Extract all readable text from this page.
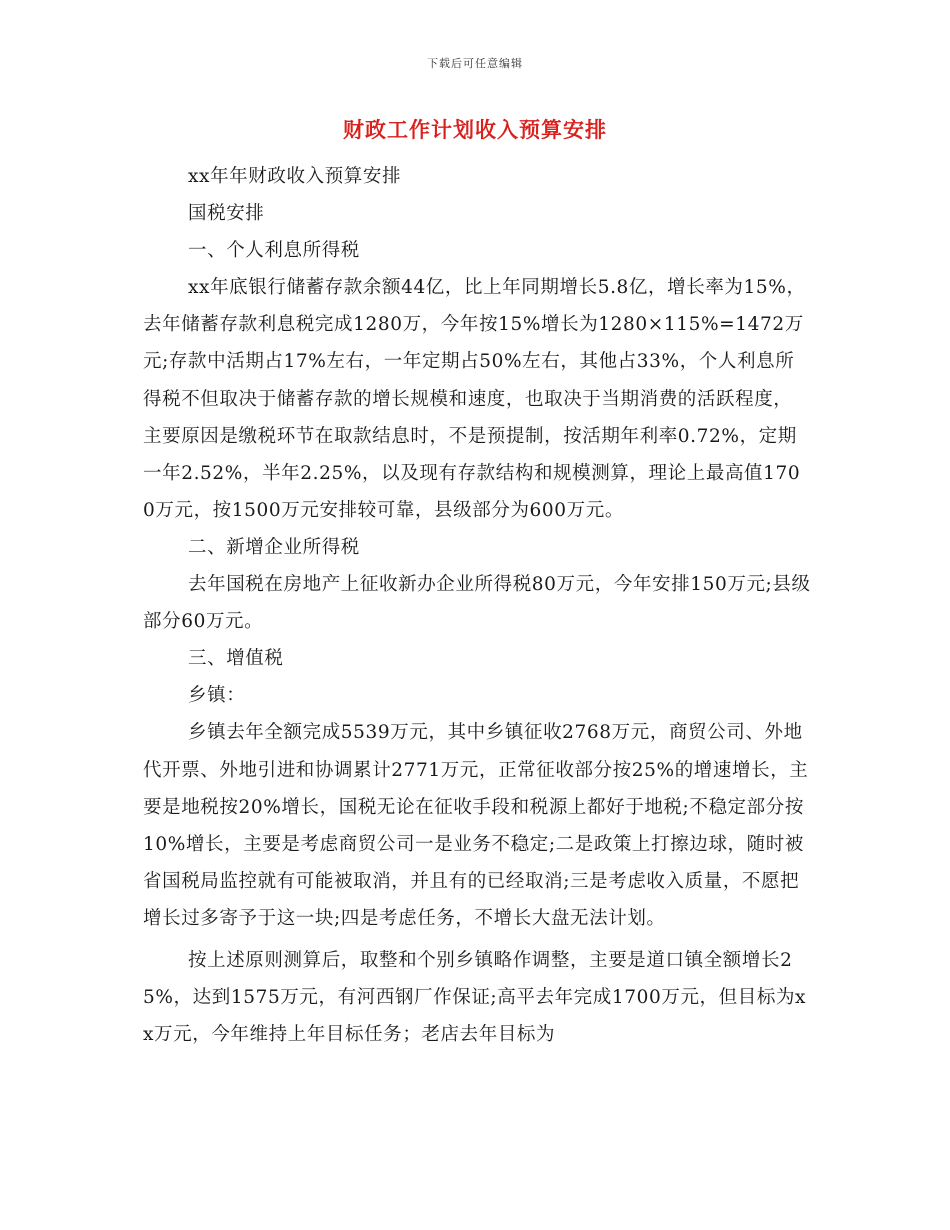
下载后可任意编辑
财政工作计划收入预算安排

xx年年财政收入预算安排

国税安排

一、个人利息所得税

xx年底银行储蓄存款余额44亿，比上年同期增长5.8亿，增长率为15%，去年储蓄存款利息税完成1280万，今年按15%增长为1280×115%=1472万元;存款中活期占17%左右，一年定期占50%左右，其他占33%，个人利息所得税不但取决于储蓄存款的增长规模和速度，也取决于当期消费的活跃程度，主要原因是缴税环节在取款结息时，不是预提制，按活期年利率0.72%，定期一年2.52%，半年2.25%，以及现有存款结构和规模测算，理论上最高值1700万元，按1500万元安排较可靠，县级部分为600万元。

二、新增企业所得税

去年国税在房地产上征收新办企业所得税80万元，今年安排150万元;县级部分60万元。

三、增值税

乡镇：

乡镇去年全额完成5539万元，其中乡镇征收2768万元，商贸公司、外地代开票、外地引进和协调累计2771万元，正常征收部分按25%的增速增长，主要是地税按20%增长，国税无论在征收手段和税源上都好于地税;不稳定部分按10%增长，主要是考虑商贸公司一是业务不稳定;二是政策上打擦边球，随时被省国税局监控就有可能被取消，并且有的已经取消;三是考虑收入质量，不愿把增长过多寄予于这一块;四是考虑任务，不增长大盘无法计划。

按上述原则测算后，取整和个别乡镇略作调整，主要是道口镇全额增长25%，达到1575万元，有河西钢厂作保证;高平去年完成1700万元，但目标为xx万元，今年维持上年目标任务；老店去年目标为
